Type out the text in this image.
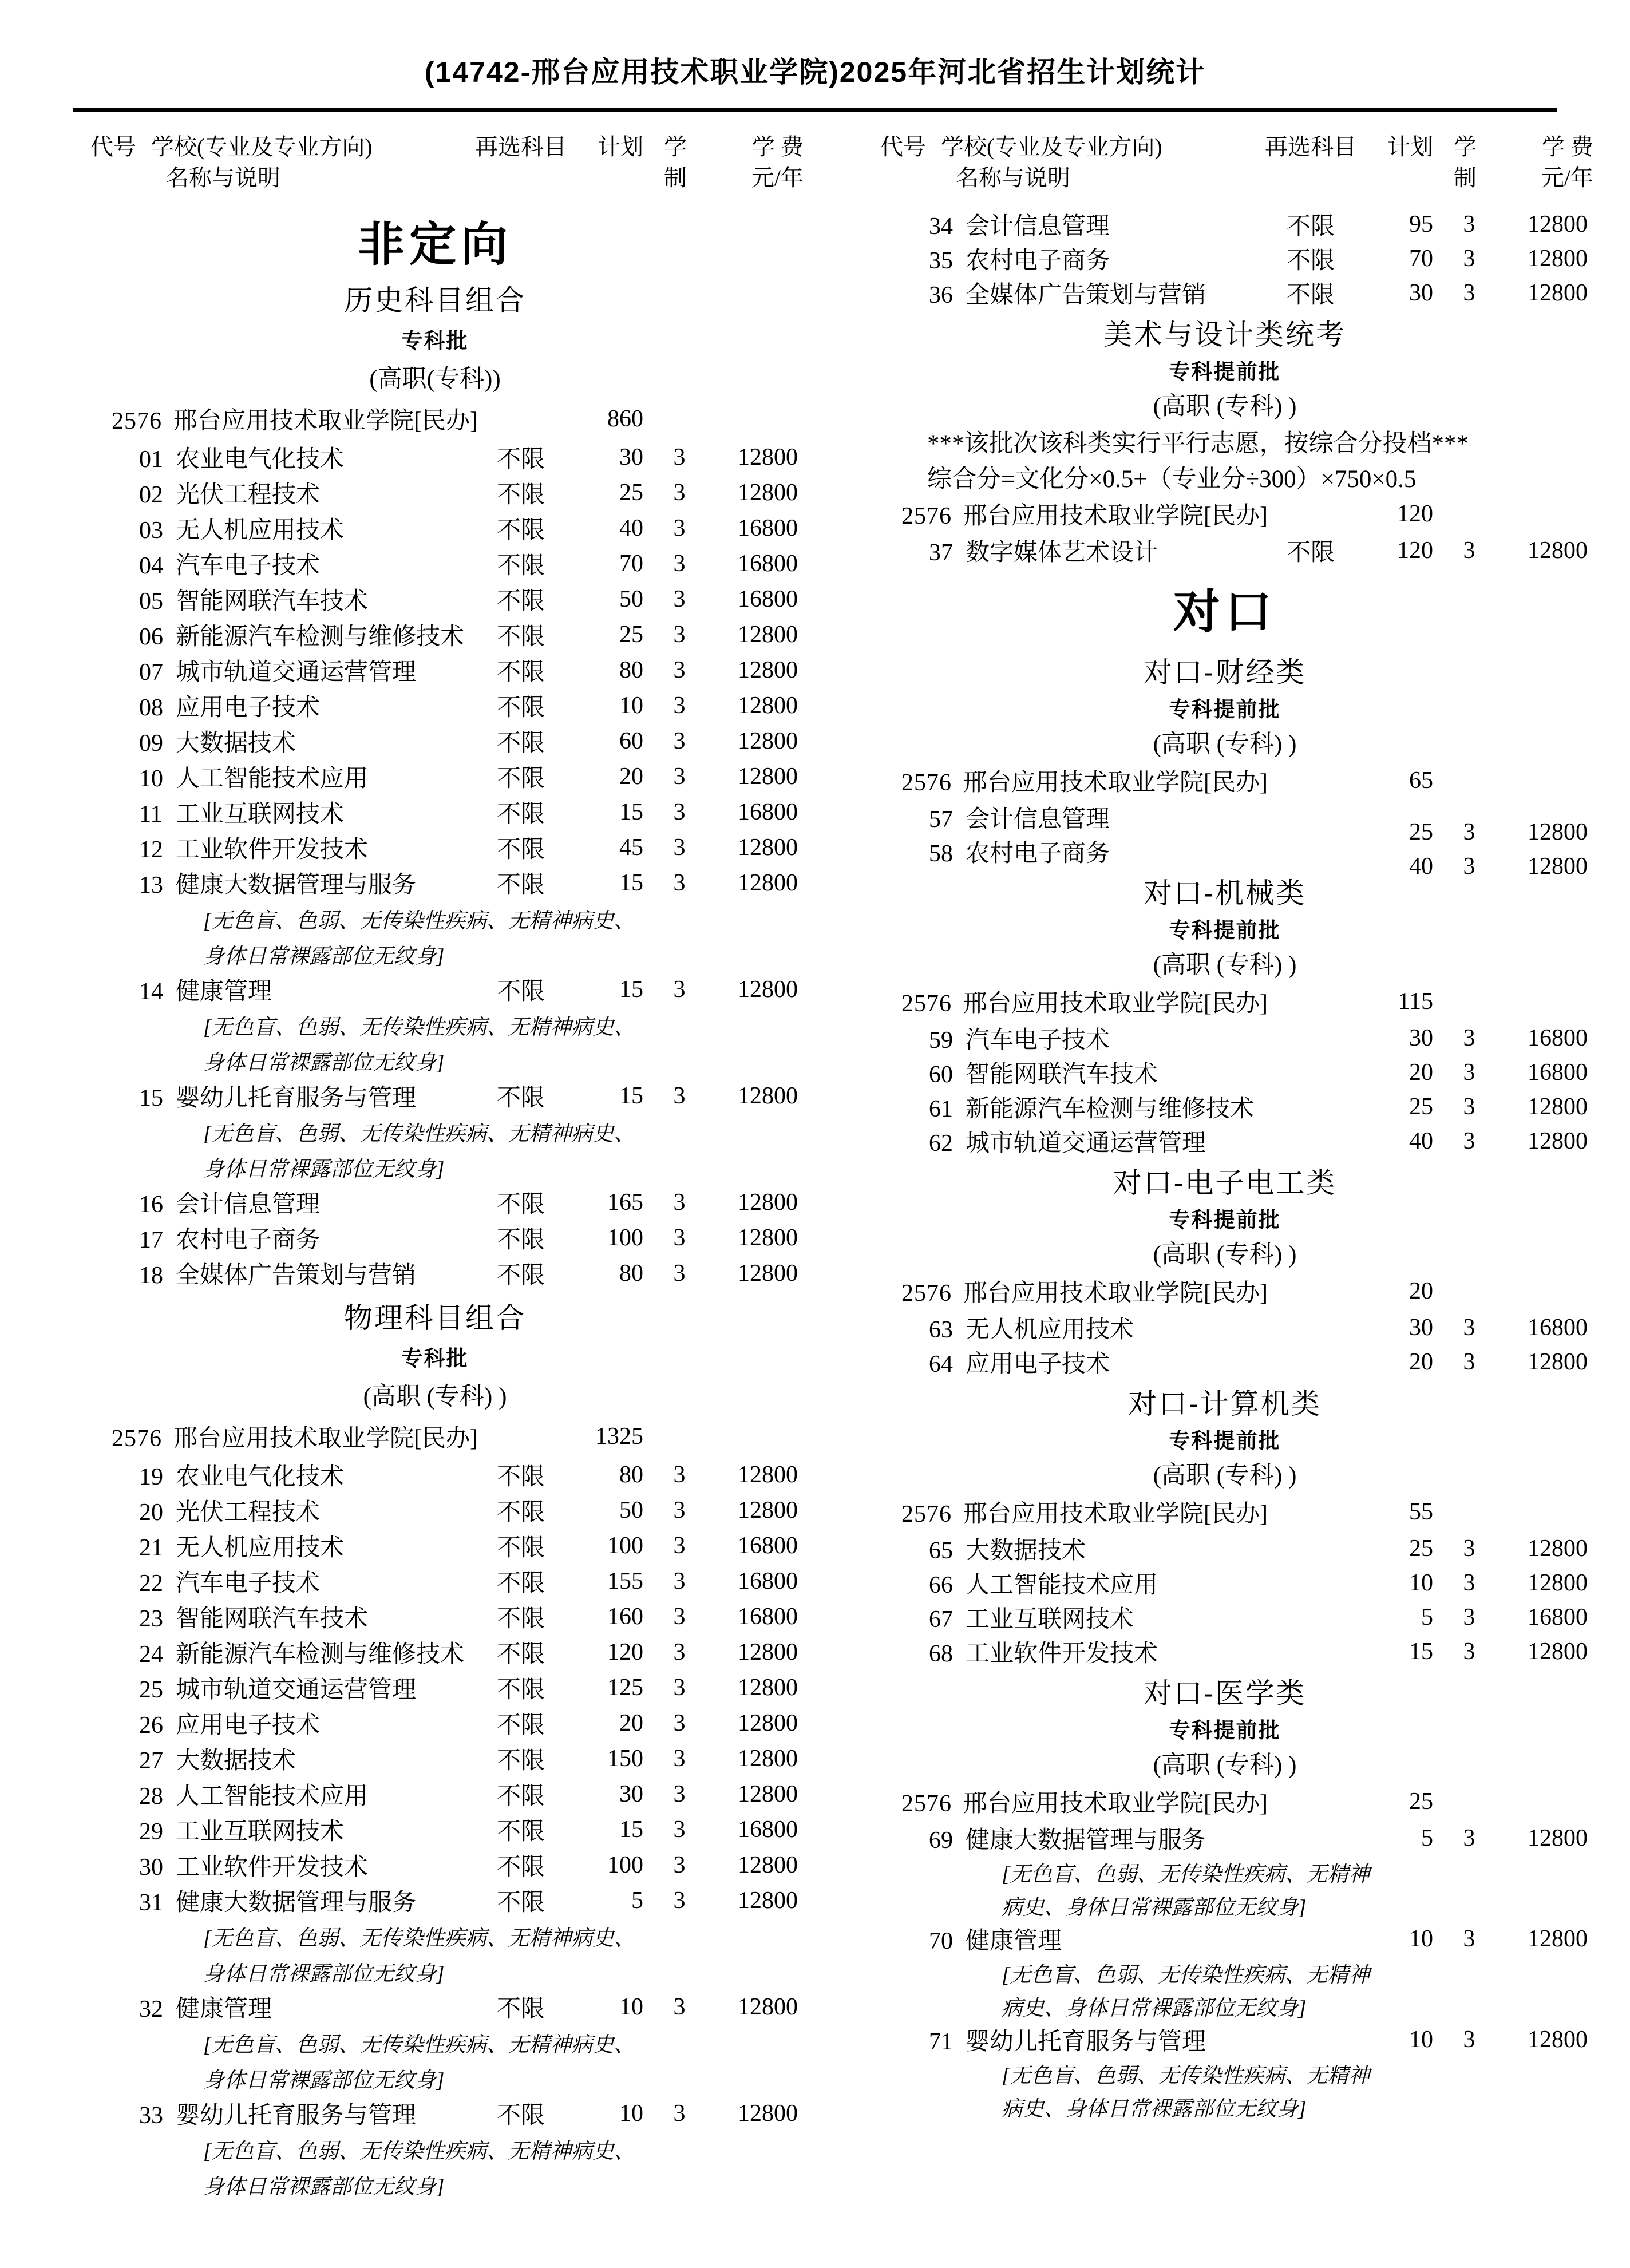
(14742-邢台应用技术职业学院)2025年河北省招生计划统计
代号 学校(专业及专业方向)
名称与说明
再选科目	计划 学
制
学 费
元/年
非定向
历史科目组合
专科批
(高职(专科))
2576 邢台应用技术取业学院[民办]	860
01 农业电气化技术	不限	30	3	12800
02 光伏工程技术	不限	25	3	12800
03 无人机应用技术	不限	40	3	16800
04 汽车电子技术	不限	70	3	16800
05 智能网联汽车技术	不限	50	3	16800
06 新能源汽车检测与维修技术	不限	25	3	12800
07 城市轨道交通运营管理	不限	80	3	12800
08 应用电子技术	不限	10	3	12800
09 大数据技术	不限	60	3	12800
10 人工智能技术应用	不限	20	3	12800
11 工业互联网技术	不限	15	3	16800
12 工业软件开发技术	不限	45	3	12800
13 健康大数据管理与服务	不限	15	3	12800
[无色盲、色弱、无传染性疾病、无精神病史、
身体日常裸露部位无纹身]
14 健康管理	不限	15	3	12800
[无色盲、色弱、无传染性疾病、无精神病史、
身体日常裸露部位无纹身]
15 婴幼儿托育服务与管理	不限	15	3	12800
[无色盲、色弱、无传染性疾病、无精神病史、
身体日常裸露部位无纹身]
16 会计信息管理	不限	165	3	12800
17 农村电子商务	不限	100	3	12800
18 全媒体广告策划与营销	不限	80	3	12800
物理科目组合
专科批
(高职 (专科) )
2576 邢台应用技术取业学院[民办]	1325
19 农业电气化技术	不限	80	3	12800
20 光伏工程技术	不限	50	3	12800
21 无人机应用技术	不限	100	3	16800
22 汽车电子技术	不限	155	3	16800
23 智能网联汽车技术	不限	160	3	16800
24 新能源汽车检测与维修技术	不限	120	3	12800
25 城市轨道交通运营管理	不限	125	3	12800
26 应用电子技术	不限	20	3	12800
27 大数据技术	不限	150	3	12800
28 人工智能技术应用	不限	30	3	12800
29 工业互联网技术	不限	15	3	16800
30 工业软件开发技术	不限	100	3	12800
31 健康大数据管理与服务	不限	5	3	12800
[无色盲、色弱、无传染性疾病、无精神病史、
身体日常裸露部位无纹身]
32 健康管理	不限	10	3	12800
[无色盲、色弱、无传染性疾病、无精神病史、
身体日常裸露部位无纹身]
33 婴幼儿托育服务与管理	不限	10	3	12800
[无色盲、色弱、无传染性疾病、无精神病史、
身体日常裸露部位无纹身]
代号 学校(专业及专业方向)
名称与说明
再选科目	计划 学
制
学 费
元/年
34 会计信息管理	不限	95	3	12800
35 农村电子商务	不限	70	3	12800
36 全媒体广告策划与营销	不限	30	3	12800
美术与设计类统考
专科提前批
(高职 (专科) )
***该批次该科类实行平行志愿，按综合分投档***
综合分=文化分×0.5+（专业分÷300）×750×0.5
2576 邢台应用技术取业学院[民办]	120
37 数字媒体艺术设计	不限	120	3	12800
对口
对口-财经类
专科提前批
(高职 (专科) )
2576 邢台应用技术取业学院[民办]	65
57 会计信息管理	25	3	12800
58 农村电子商务	40	3	12800
对口-机械类
专科提前批
(高职 (专科) )
2576 邢台应用技术取业学院[民办]	115
59 汽车电子技术	30	3	16800
60 智能网联汽车技术	20	3	16800
61 新能源汽车检测与维修技术	25	3	12800
62 城市轨道交通运营管理	40	3	12800
对口-电子电工类
专科提前批
(高职 (专科) )
2576 邢台应用技术取业学院[民办]	20
63 无人机应用技术	30	3	16800
64 应用电子技术	20	3	12800
对口-计算机类
专科提前批
(高职 (专科) )
2576 邢台应用技术取业学院[民办]	55
65 大数据技术	25	3	12800
66 人工智能技术应用	10	3	12800
67 工业互联网技术	5	3	16800
68 工业软件开发技术	15	3	12800
对口-医学类
专科提前批
(高职 (专科) )
2576 邢台应用技术取业学院[民办]	25
69 健康大数据管理与服务	5	3	12800
[无色盲、色弱、无传染性疾病、无精神
病史、身体日常裸露部位无纹身]
70 健康管理	10	3	12800
[无色盲、色弱、无传染性疾病、无精神
病史、身体日常裸露部位无纹身]
71 婴幼儿托育服务与管理	10	3	12800
[无色盲、色弱、无传染性疾病、无精神
病史、身体日常裸露部位无纹身]
